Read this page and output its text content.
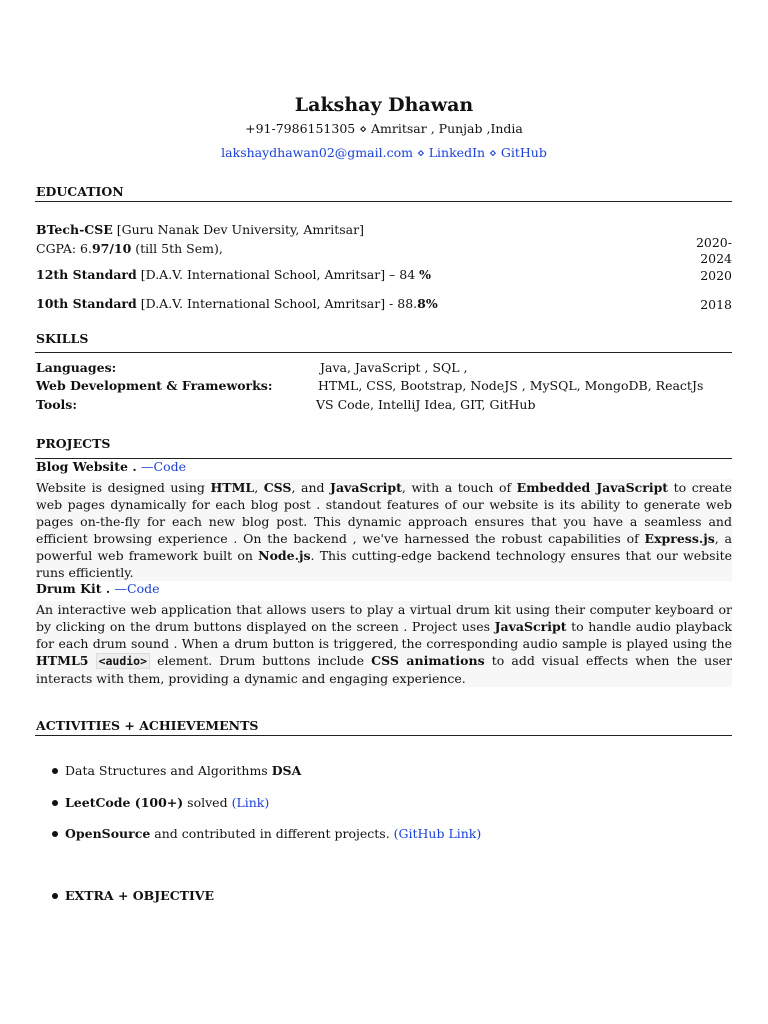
Lakshay Dhawan
+91-7986151305 ⋄ Amritsar , Punjab ,India
lakshaydhawan02@gmail.com ⋄ LinkedIn ⋄ GitHub
EDUCATION
BTech-CSE [Guru Nanak Dev University, Amritsar]
CGPA: 6.97/10 (till 5th Sem),	2020-
2024
12th Standard [D.A.V. International School, Amritsar] – 84 %	2020
10th Standard [D.A.V. International School, Amritsar] - 88.8%	2018
SKILLS
Languages:	Java, JavaScript , SQL ,
Web Development & Frameworks:	HTML, CSS, Bootstrap, NodeJS , MySQL, MongoDB, ReactJs
Tools:	VS Code, IntelliJ Idea, GIT, GitHub
PROJECTS
Blog Website . —Code
Website is designed using HTML, CSS, and JavaScript, with a touch of Embedded JavaScript to create web pages dynamically for each blog post . standout features of our website is its ability to generate web pages on-the-fly for each new blog post. This dynamic approach ensures that you have a seamless and efficient browsing experience . On the backend , we've harnessed the robust capabilities of Express.js, a powerful web framework built on Node.js. This cutting-edge backend technology ensures that our website runs efficiently.
Drum Kit . —Code
An interactive web application that allows users to play a virtual drum kit using their computer keyboard or by clicking on the drum buttons displayed on the screen . Project uses JavaScript to handle audio playback for each drum sound . When a drum button is triggered, the corresponding audio sample is played using the HTML5 <audio> element. Drum buttons include CSS animations to add visual effects when the user interacts with them, providing a dynamic and engaging experience.
ACTIVITIES + ACHIEVEMENTS
Data Structures and Algorithms DSA
LeetCode (100+) solved (Link)
OpenSource and contributed in different projects. (GitHub Link)
EXTRA + OBJECTIVE
